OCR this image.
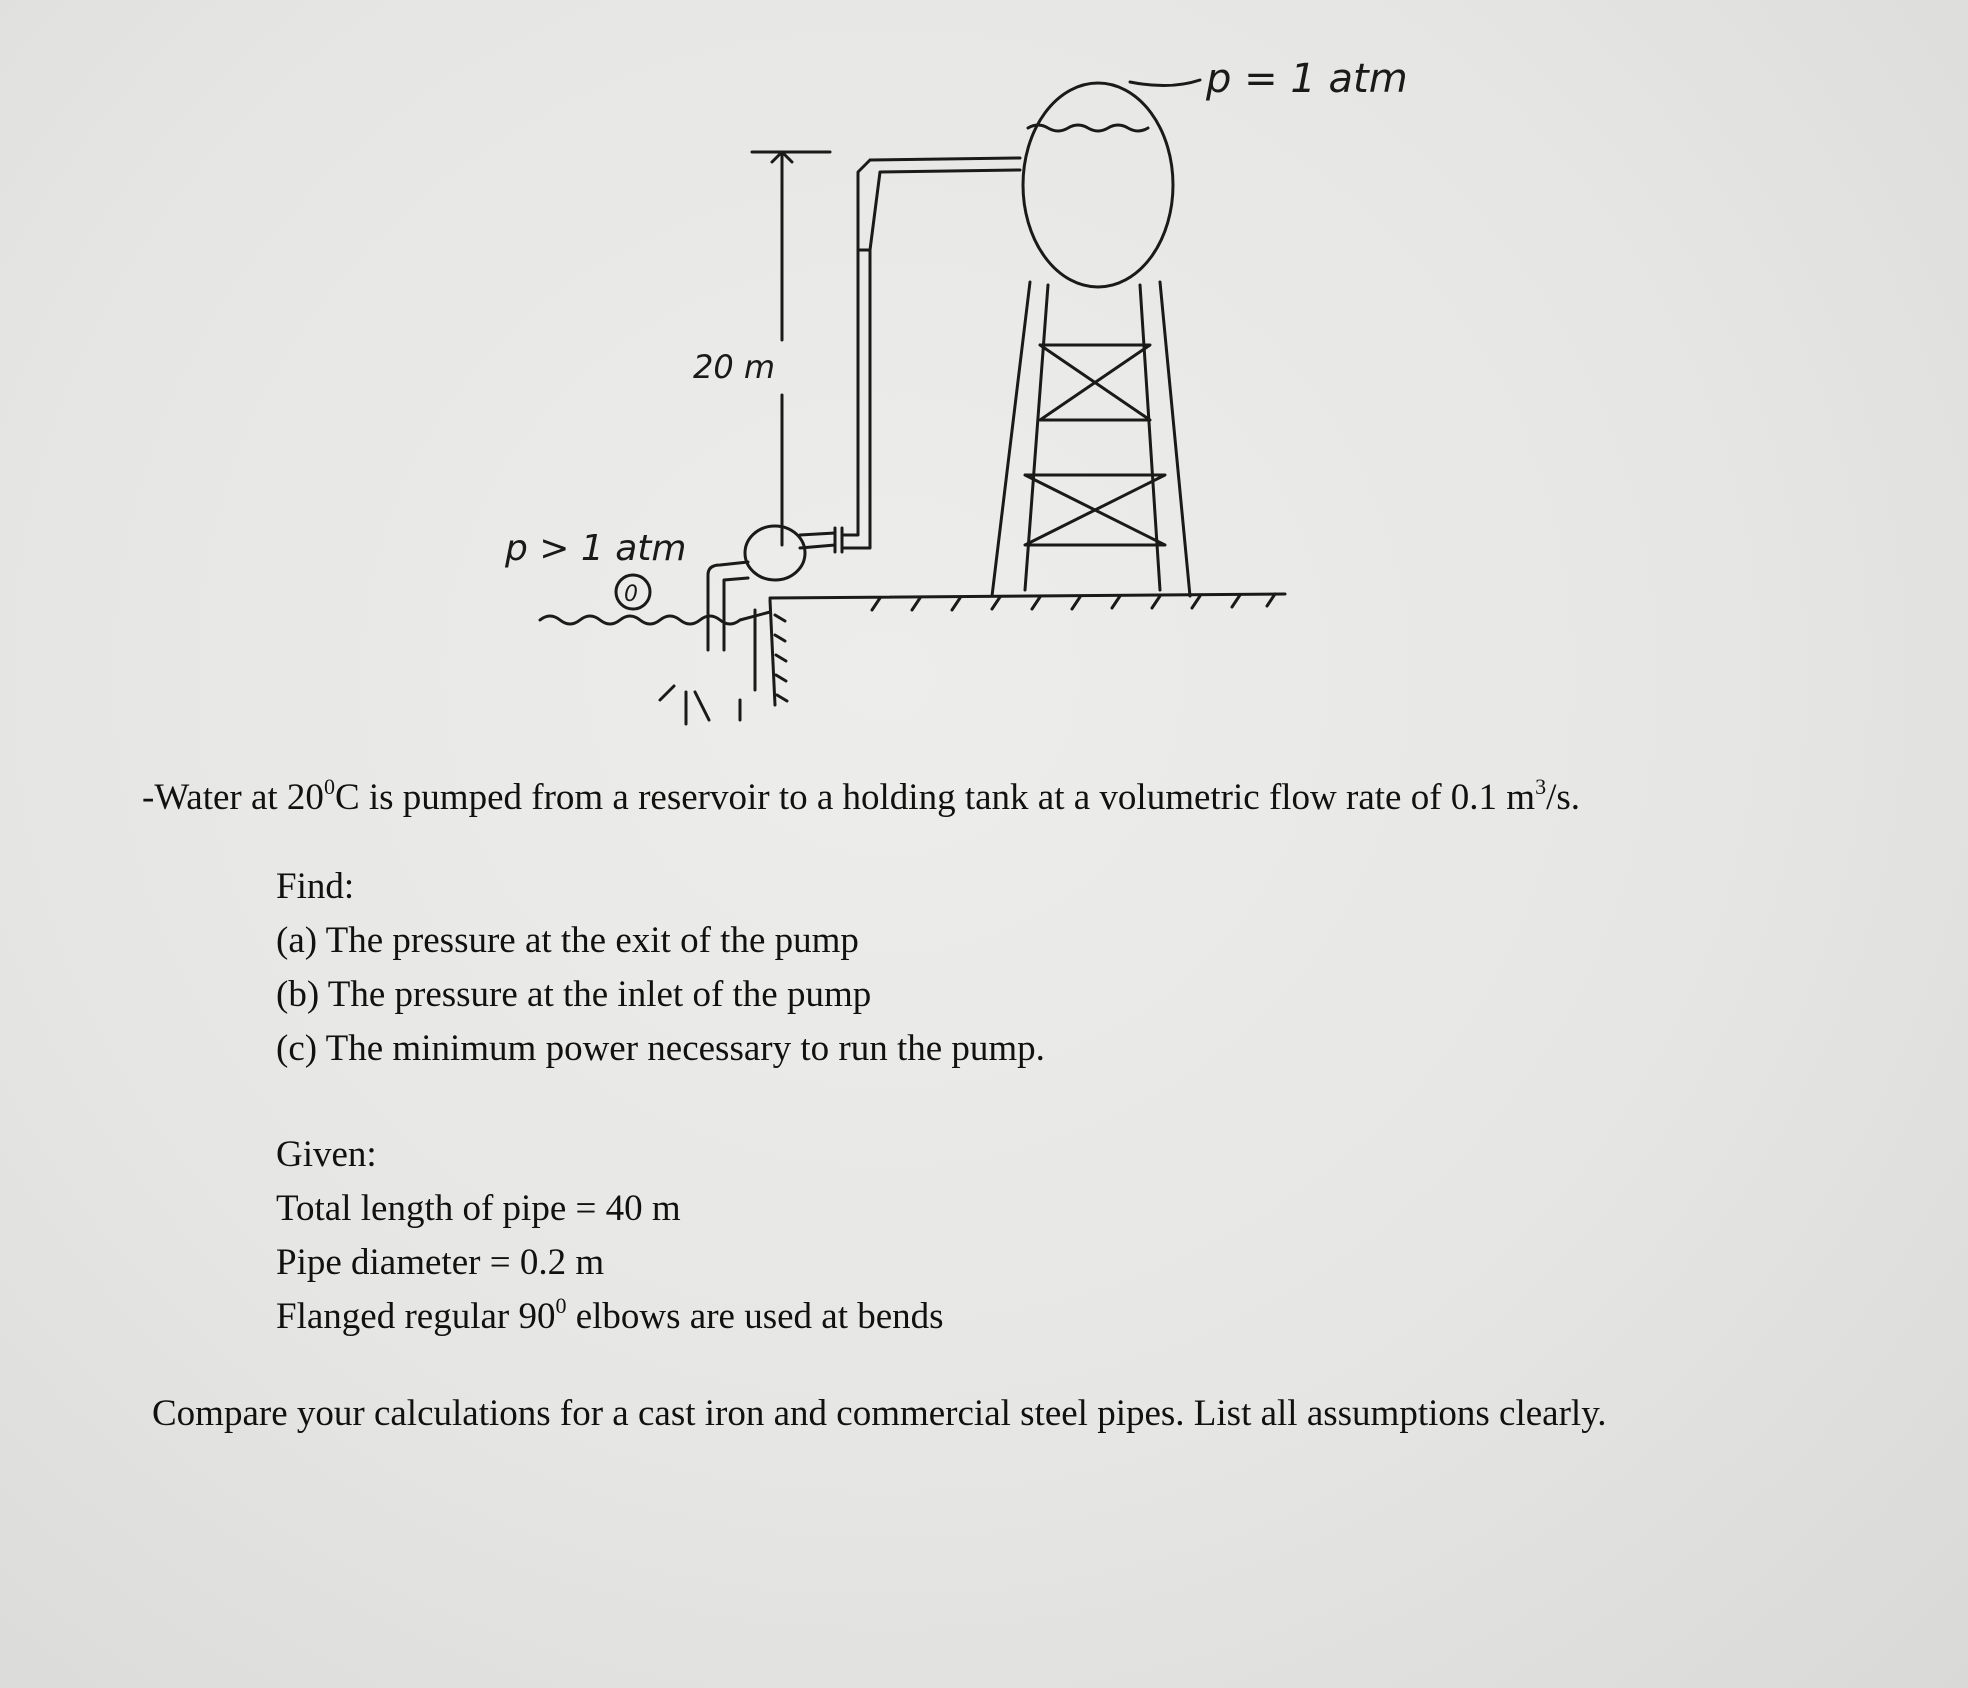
p = 1 atm
p > 1 atm
20 m
0
-Water at $20^0C$ is pumped from a reservoir to a holding tank at a volumetric flow rate of 0.1 $m^3/s$.
Find:
(a) The pressure at the exit of the pump
(b) The pressure at the inlet of the pump
(c) The minimum power necessary to run the pump.
Given:
Total length of pipe = 40 m
Pipe diameter = 0.2 m
Flanged regular $90^0$ elbows are used at bends
Compare your calculations for a cast iron and commercial steel pipes. List all assumptions clearly.
